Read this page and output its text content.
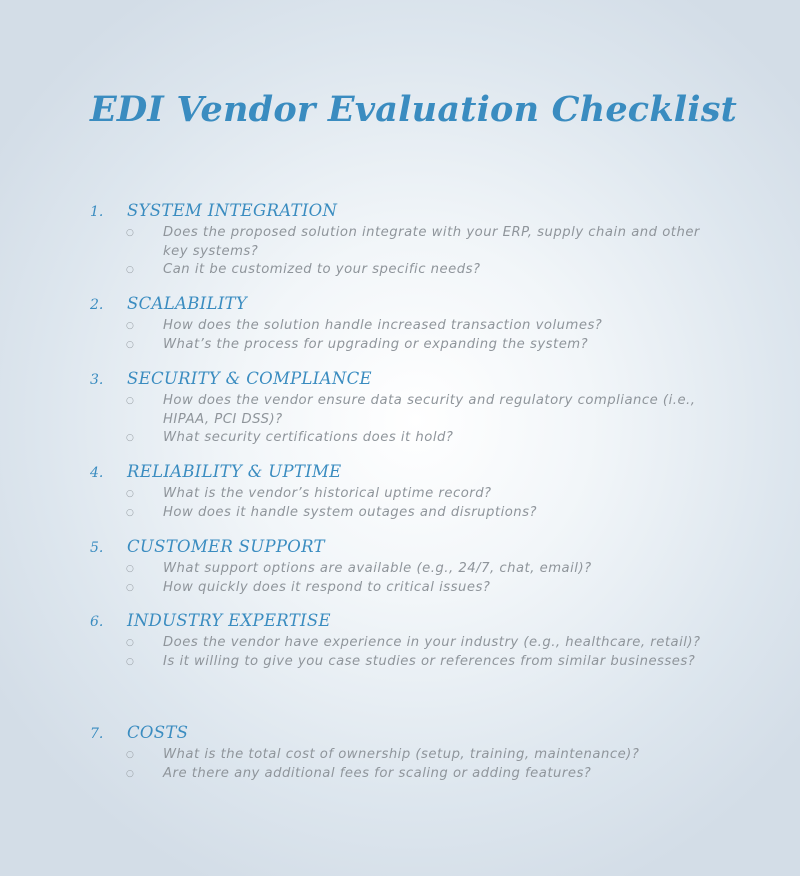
EDI Vendor Evaluation Checklist
1. SYSTEM INTEGRATION
○ Does the proposed solution integrate with your ERP, supply chain and other key systems?
○ Can it be customized to your specific needs?
2. SCALABILITY
○ How does the solution handle increased transaction volumes?
○ What’s the process for upgrading or expanding the system?
3. SECURITY & COMPLIANCE
○ How does the vendor ensure data security and regulatory compliance (i.e., HIPAA, PCI DSS)?
○ What security certifications does it hold?
4. RELIABILITY & UPTIME
○ What is the vendor’s historical uptime record?
○ How does it handle system outages and disruptions?
5. CUSTOMER SUPPORT
○ What support options are available (e.g., 24/7, chat, email)?
○ How quickly does it respond to critical issues?
6. INDUSTRY EXPERTISE
○ Does the vendor have experience in your industry (e.g., healthcare, retail)?
○ Is it willing to give you case studies or references from similar businesses?
7. COSTS
○ What is the total cost of ownership (setup, training, maintenance)?
○ Are there any additional fees for scaling or adding features?
